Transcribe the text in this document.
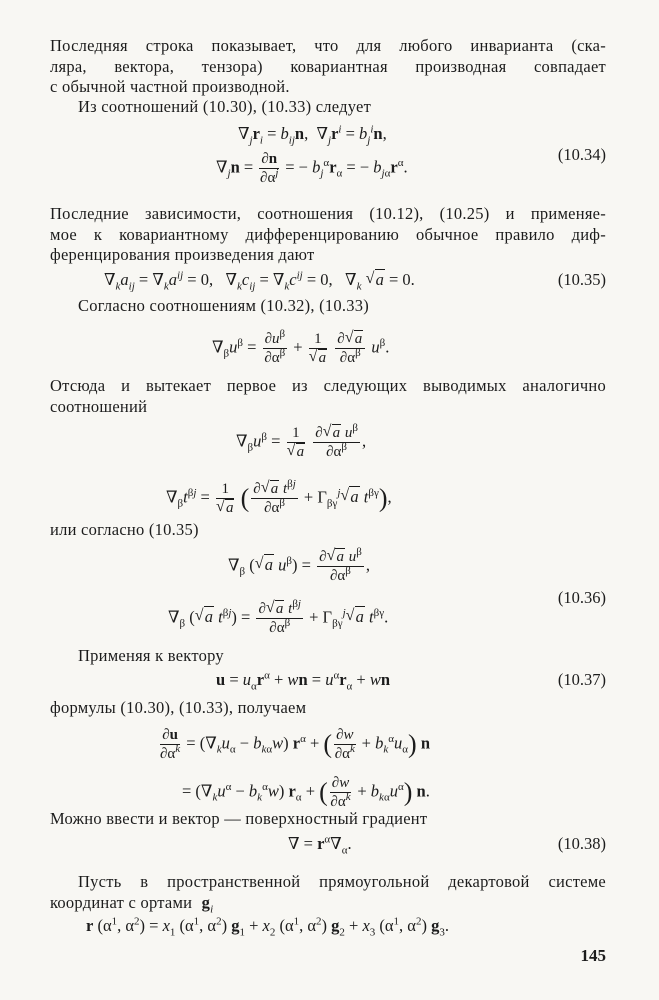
Последняя строка показывает, что для любого инварианта (ска-
ляра, вектора, тензора) ковариантная производная совпадает
с обычной частной производной.
Из соотношений (10.30), (10.33) следует
$\nabla_jr_i = b_{ij}n$,  $\nabla_jr^i = b_j^in$,
$\nabla_jn = \frac{\partial n}{\partial\alpha^j}$ = − $b_j^\alpha r_\alpha$ = − $b_{j\alpha}r^\alpha$.
(10.34)
Последние зависимости, соотношения (10.12), (10.25) и применяе-
мое к ковариантному дифференцированию обычное правило диф-
ференцирования произведения дают
$\nabla_ka_{ij} = \nabla_ka^{ij} = 0$,   $\nabla_kc_{ij} = \nabla_kc^{ij} = 0$,   $\nabla_k$ √ a = 0.	(10.35)
Согласно соотношениям (10.32), (10.33)
$\nabla_\beta u^\beta = \frac{\partial u^\beta}{\partial\alpha^\beta} + 1$
√ a
$\frac{\partial√ a}{\partial\alpha^\beta} u^\beta$.
Отсюда и вытекает первое из следующих выводимых аналогично
соотношений
$\nabla_\beta u^\beta = 1$
√ a
$\frac{\partial√ a u^\beta}{\partial\alpha^\beta}$ ,
$\nabla_\beta t^{\beta j} = 1$
√ a ( $\frac{\partial√ a t^{\beta j}}{\partial\alpha^\beta} + \Gamma_{\beta\gamma}^j√$ a $t^{\beta\gamma}$),
или согласно (10.35)
$\nabla_\beta$ (√ a $u^\beta) = \frac{\partial√ a u^\beta}{\partial\alpha^\beta}$ ,
$\nabla_\beta$ (√ a $t^{\beta j}) = \frac{\partial√ a t^{\beta j}}{\partial\alpha^\beta} + \Gamma_{\beta\gamma}^j√$ a $t^{\beta\gamma}$.
(10.36)
Применяя к вектору
$u = u_\alpha r^\alpha$ + wn = $u^\alpha r_\alpha$ + wn	(10.37)
формулы (10.30), (10.33), получаем
$\frac{\partial u}{\partial\alpha^k} = (\nabla_ku_\alpha - b_{k\alpha}w) r^\alpha$ + ( $\frac{\partial w}{\partial\alpha^k} + b_k^\alpha u_\alpha$) n
= $(\nabla_ku^\alpha - b_k^\alpha w) r_\alpha$ + ( $\frac{\partial w}{\partial\alpha^k} + b_{k\alpha}u^\alpha$) n.
Можно ввести и вектор — поверхностный градиент
∇ = $r^\alpha\nabla_\alpha$.	(10.38)
Пусть в пространственной прямоугольной декартовой системе
координат с ортами $g_i$
r ($\alpha^1$, $\alpha^2) = x_1$ ($\alpha^1$, $\alpha^2$) $g_1 + x_2$ ($\alpha^1$, $\alpha^2$) $g_2 + x_3$ ($\alpha^1$, $\alpha^2$) $g_3$.
145
